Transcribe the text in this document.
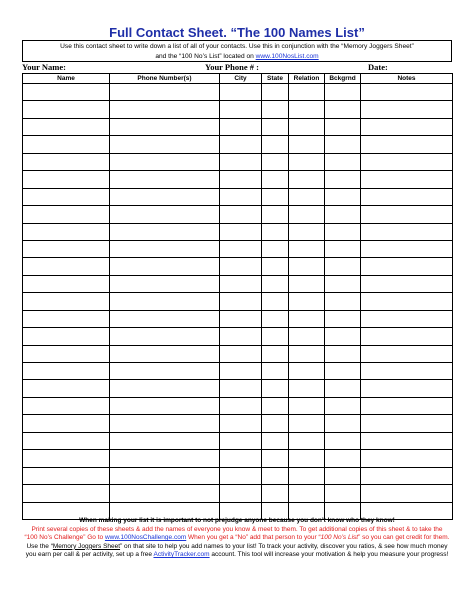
Full Contact Sheet. “The 100 Names List”
Use this contact sheet to write down a list of all of your contacts. Use this in conjunction with the “Memory Joggers Sheet”
and the “100 No’s List” located on www.100NosList.com
Your Name:	Your Phone # :	Date:
Name	Phone Number(s)	City	State	Relation	Bckgrnd	Notes

When making your list it is important to not prejudge anyone because you don’t know who they know!
Print several copies of these sheets & add the names of everyone you know & meet to them. To get additional copies of this sheet & to take the
“100 No’s Challenge” Go to www.100NosChallenge.com When you get a “No” add that person to your “100 No’s List” so you can get credit for them.
Use the “Memory Joggers Sheet” on that site to help you add names to your list! To track your activity, discover you ratios, & see how much money
you earn per call & per activity, set up a free ActivityTracker.com account. This tool will increase your motivation & help you measure your progress!
